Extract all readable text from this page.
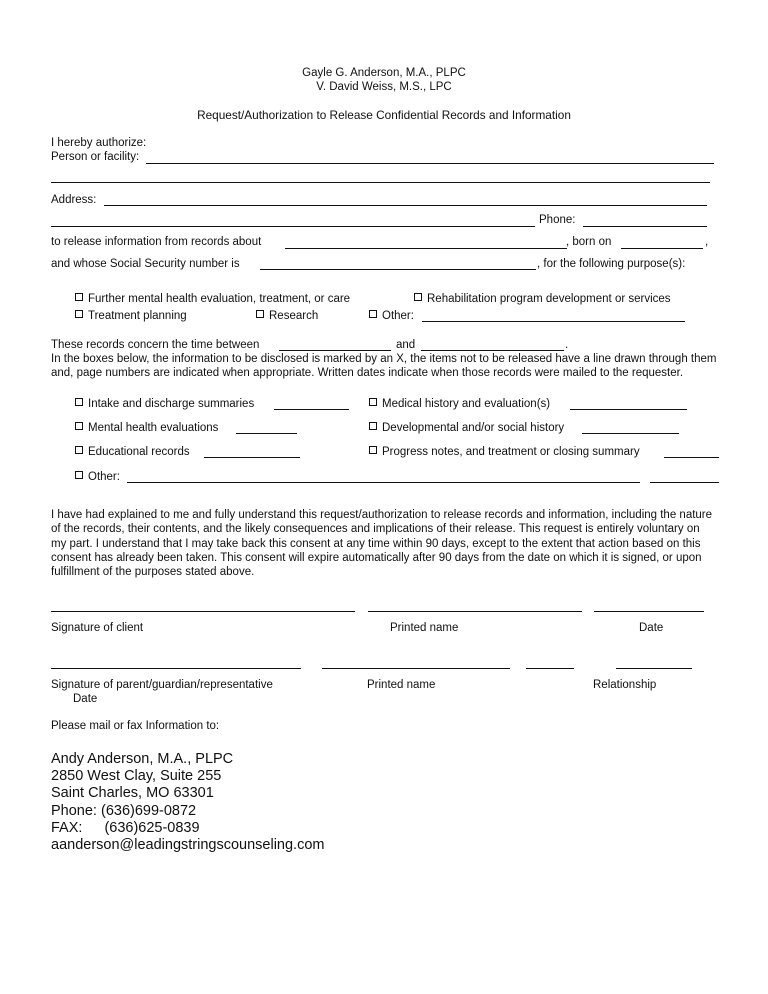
Gayle G. Anderson, M.A., PLPC
V. David Weiss, M.S., LPC
Request/Authorization to Release Confidential Records and Information
I hereby authorize:
Person or facility:
Address:
Phone:
to release information from records about	, born on	,
and whose Social Security number is	, for the following purpose(s):
Further mental health evaluation, treatment, or care	Rehabilitation program development or services
Treatment planning	Research	Other:
These records concern the time between	and	.
In the boxes below, the information to be disclosed is marked by an X, the items not to be released have a line drawn through them and, page numbers are indicated when appropriate. Written dates indicate when those records were mailed to the requester.
Intake and discharge summaries	Medical history and evaluation(s)
Mental health evaluations	Developmental and/or social history
Educational records	Progress notes, and treatment or closing summary
Other:
I have had explained to me and fully understand this request/authorization to release records and information, including the nature of the records, their contents, and the likely consequences and implications of their release. This request is entirely voluntary on my part. I understand that I may take back this consent at any time within 90 days, except to the extent that action based on this consent has already been taken. This consent will expire automatically after 90 days from the date on which it is signed, or upon fulfillment of the purposes stated above.
Signature of client	Printed name	Date
Signature of parent/guardian/representative	Printed name	Relationship
Date
Please mail or fax Information to:
Andy Anderson, M.A., PLPC
2850 West Clay, Suite 255
Saint Charles, MO 63301
Phone: (636)699-0872
FAX: (636)625-0839
aanderson@leadingstringscounseling.com
